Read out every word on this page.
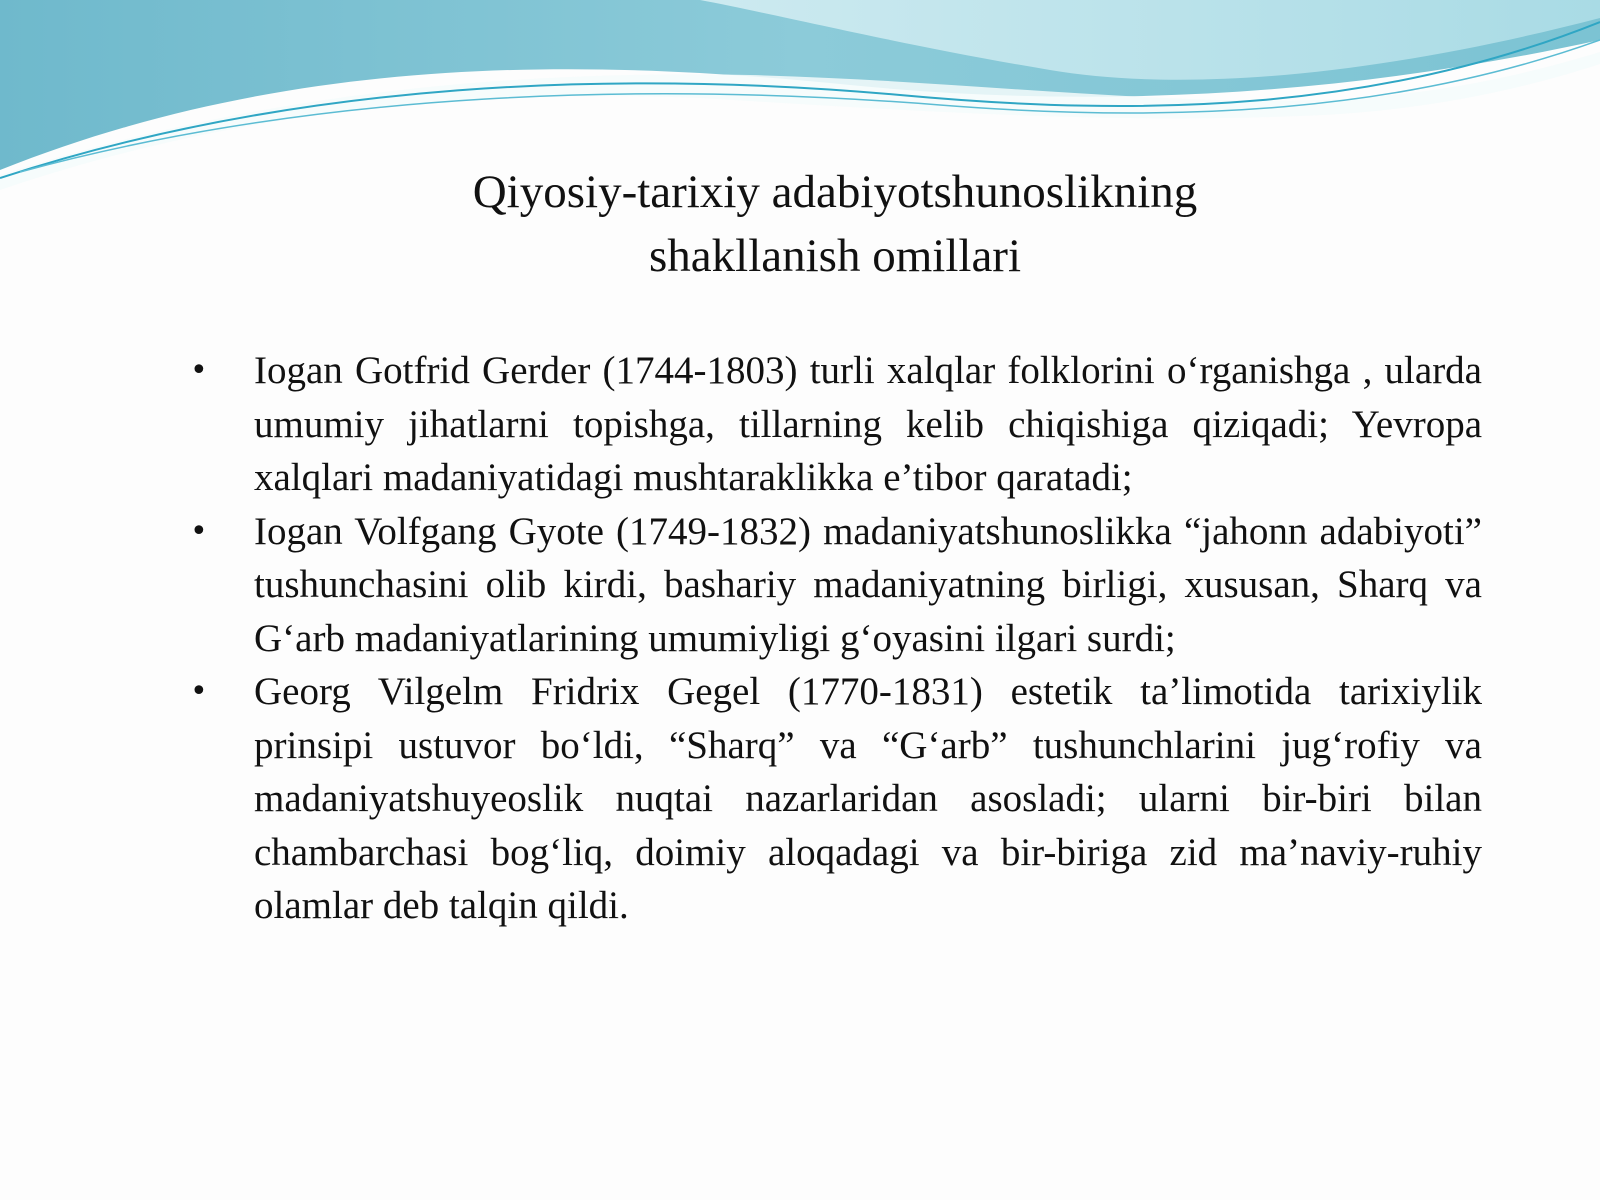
Qiyosiy-tarixiy adabiyotshunoslikning
shakllanish omillari
• Iogan Gotfrid Gerder (1744-1803) turli xalqlar folklorini o‘rganishga , ularda umumiy jihatlarni topishga, tillarning kelib chiqishiga qiziqadi; Yevropa xalqlari madaniyatidagi mushtaraklikka e’tibor qaratadi;
• Iogan Volfgang Gyote (1749-1832) madaniyatshunoslikka “jahonn adabiyoti” tushunchasini olib kirdi, bashariy madaniyatning birligi, xususan, Sharq va G‘arb madaniyatlarining umumiyligi g‘oyasini ilgari surdi;
• Georg Vilgelm Fridrix Gegel (1770-1831) estetik ta’limotida tarixiylik prinsipi ustuvor bo‘ldi, “Sharq” va “G‘arb” tushunchlarini jug‘rofiy va madaniyatshuyeoslik nuqtai nazarlaridan asosladi; ularni bir-biri bilan chambarchasi bog‘liq, doimiy aloqadagi va bir-biriga zid ma’naviy-ruhiy olamlar deb talqin qildi.
